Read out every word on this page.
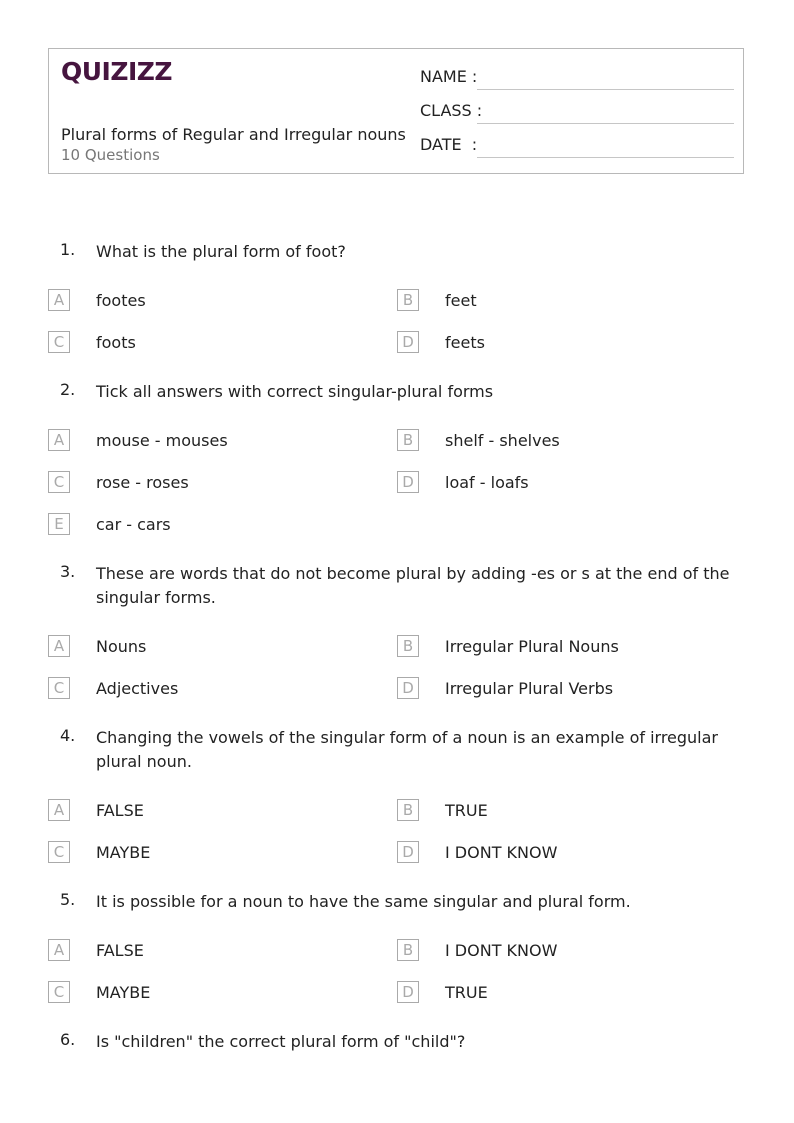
QUIZIZZ
Plural forms of Regular and Irregular nouns
10 Questions
NAME :
CLASS :
DATE  :
1. What is the plural form of foot?
A	footes	B	feet
C	foots	D	feets
2. Tick all answers with correct singular-plural forms
A	mouse - mouses	B	shelf - shelves
C	rose - roses	D	loaf - loafs
E	car - cars
3. These are words that do not become plural by adding -es or s at the end of the singular forms.
A	Nouns	B	Irregular Plural Nouns
C	Adjectives	D	Irregular Plural Verbs
4. Changing the vowels of the singular form of a noun is an example of irregular plural noun.
A	FALSE	B	TRUE
C	MAYBE	D	I DONT KNOW
5. It is possible for a noun to have the same singular and plural form.
A	FALSE	B	I DONT KNOW
C	MAYBE	D	TRUE
6. Is "children" the correct plural form of "child"?
